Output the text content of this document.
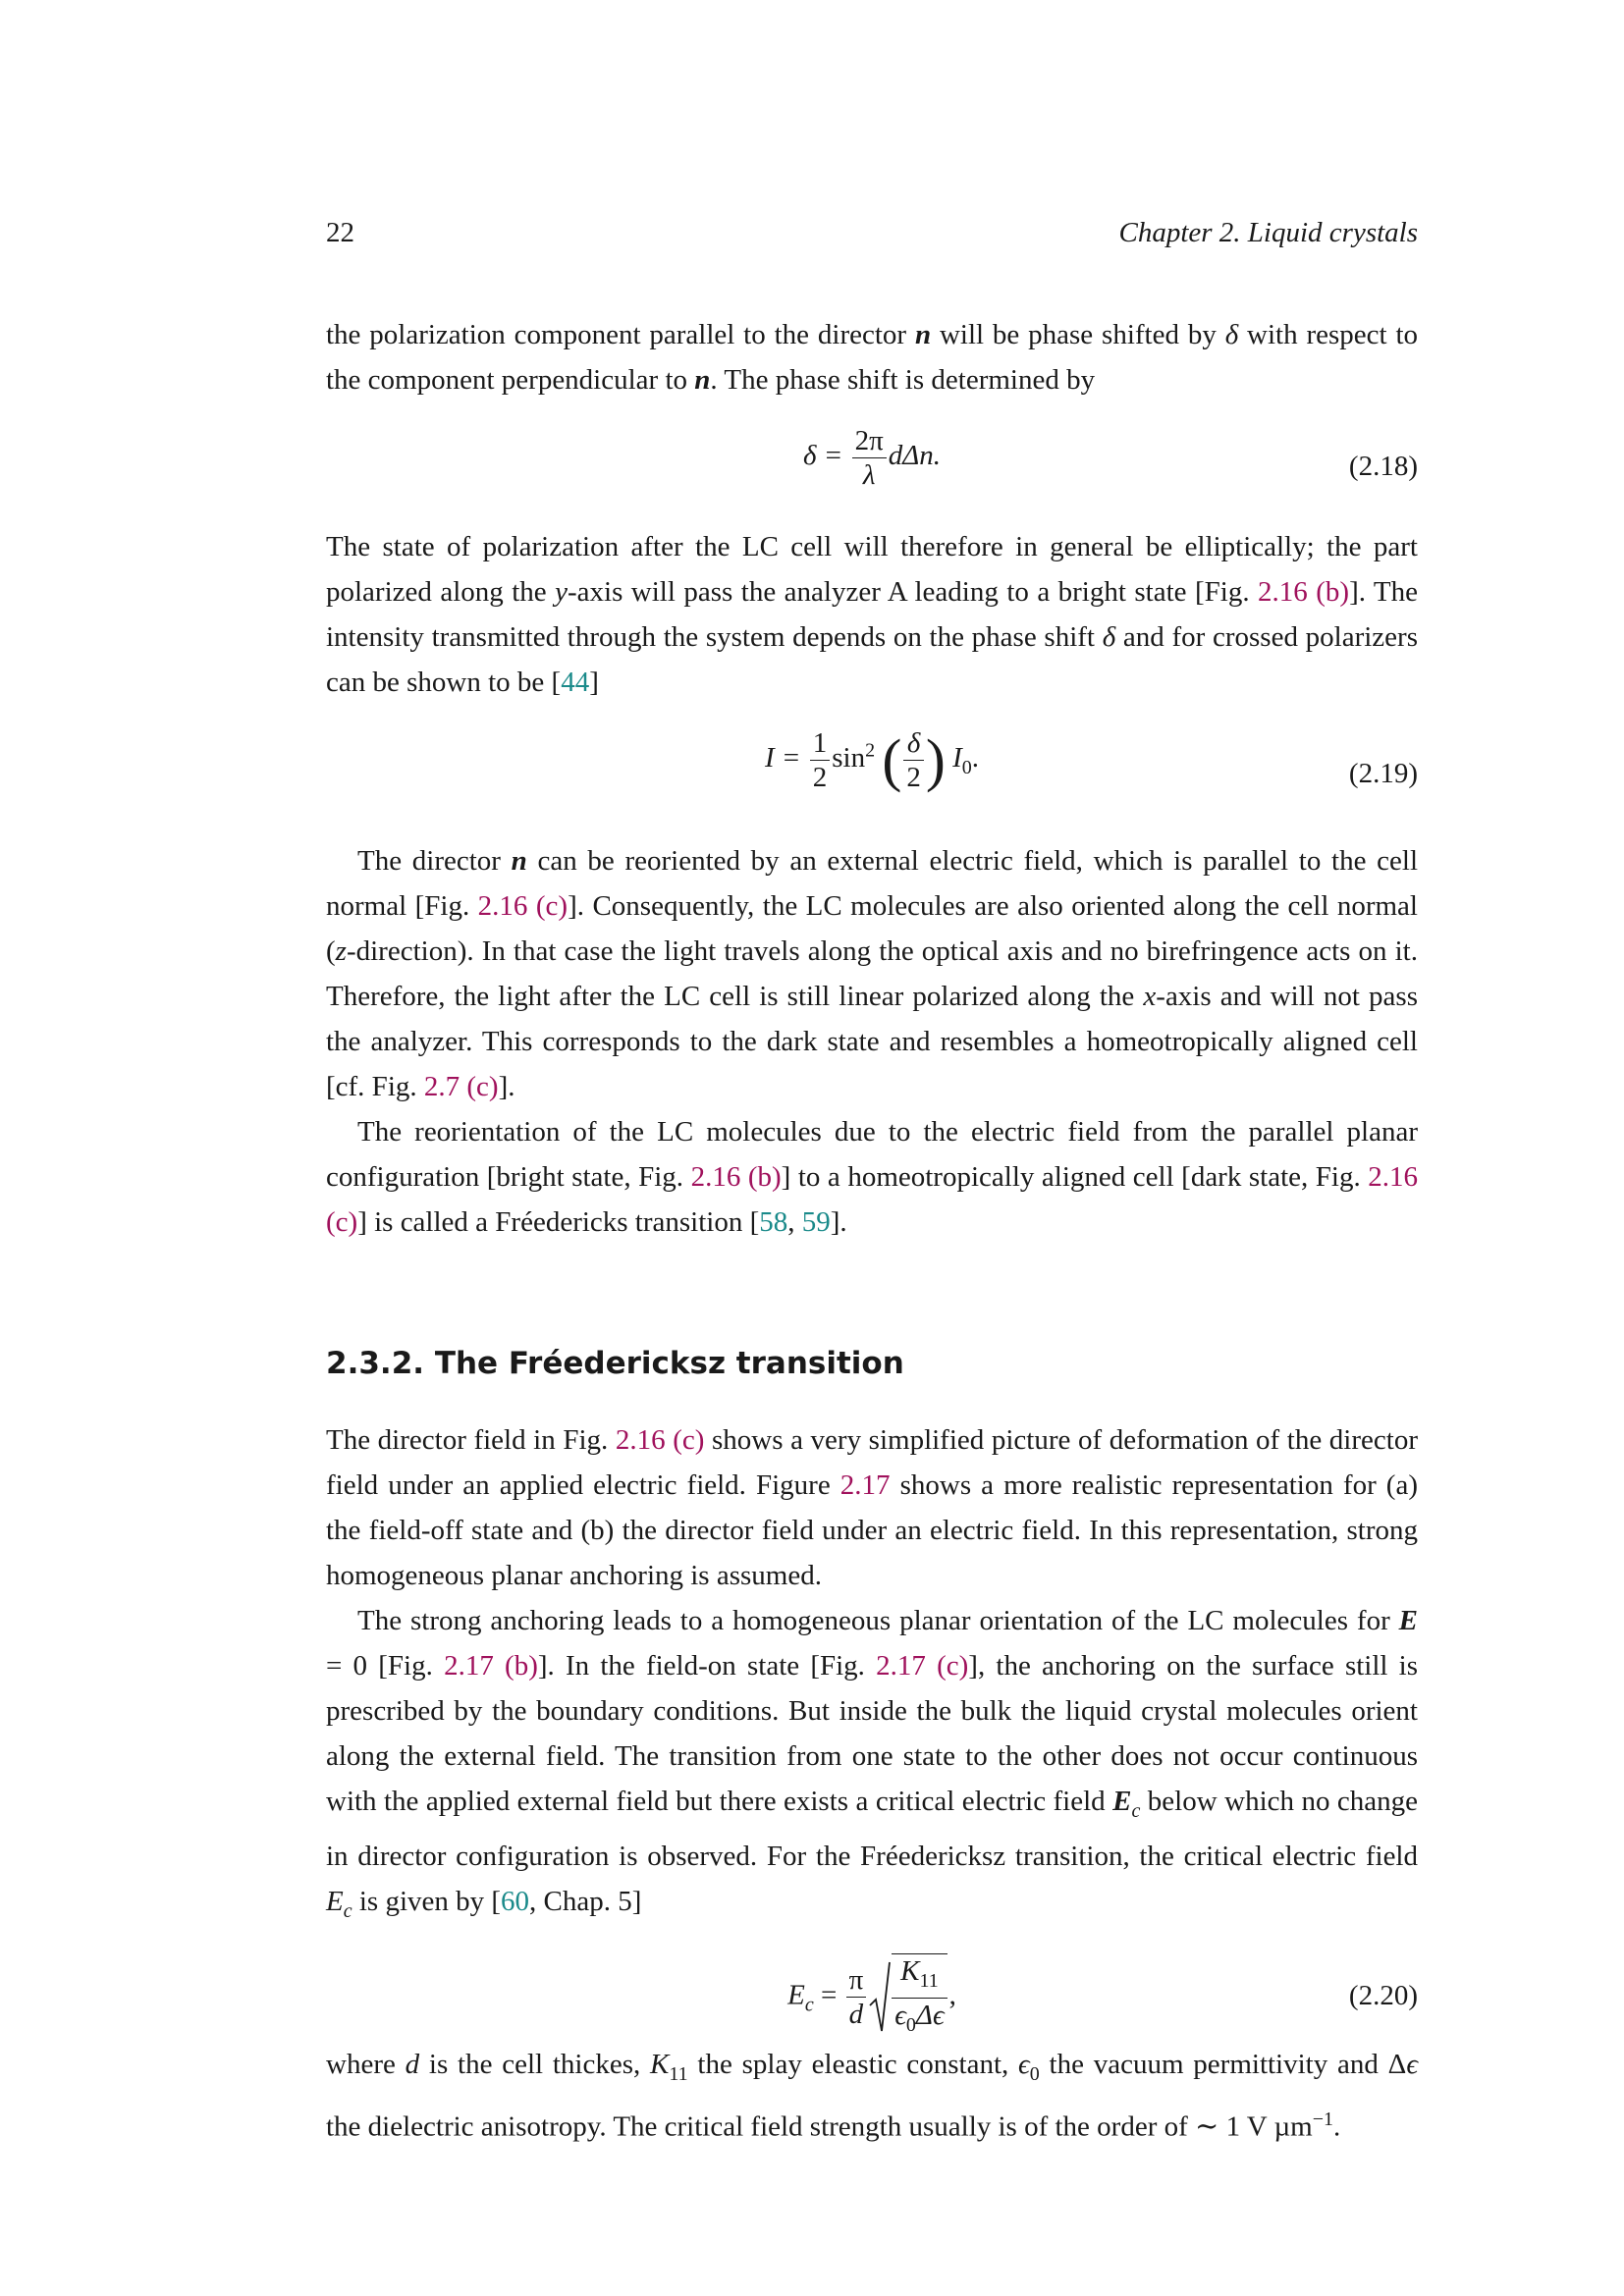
22	Chapter 2. Liquid crystals

the polarization component parallel to the director n will be phase shifted by δ with respect to the component perpendicular to n. The phase shift is determined by

$\delta = \frac{2\pi}{\lambda} d\Delta n$.	(2.18)

The state of polarization after the LC cell will therefore in general be elliptically; the part polarized along the y-axis will pass the analyzer A leading to a bright state [Fig. 2.16 (b)]. The intensity transmitted through the system depends on the phase shift δ and for crossed polarizers can be shown to be [44]

$I = \frac{1}{2} \sin^2$ ( $\frac{\delta}{2}$ ) $I_0$.	(2.19)

The director n can be reoriented by an external electric field, which is parallel to the cell normal [Fig. 2.16 (c)]. Consequently, the LC molecules are also oriented along the cell normal (z-direction). In that case the light travels along the optical axis and no birefringence acts on it. Therefore, the light after the LC cell is still linear polarized along the x-axis and will not pass the analyzer. This corresponds to the dark state and resembles a homeotropically aligned cell [cf. Fig. 2.7 (c)].

The reorientation of the LC molecules due to the electric field from the parallel planar configuration [bright state, Fig. 2.16 (b)] to a homeotropically aligned cell [dark state, Fig. 2.16 (c)] is called a Fréedericks transition [58, 59].

2.3.2. The Fréedericksz transition

The director field in Fig. 2.16 (c) shows a very simplified picture of deformation of the director field under an applied electric field. Figure 2.17 shows a more realistic representation for (a) the field-off state and (b) the director field under an electric field. In this representation, strong homogeneous planar anchoring is assumed.

The strong anchoring leads to a homogeneous planar orientation of the LC molecules for E = 0 [Fig. 2.17 (b)]. In the field-on state [Fig. 2.17 (c)], the anchoring on the surface still is prescribed by the boundary conditions. But inside the bulk the liquid crystal molecules orient along the external field. The transition from one state to the other does not occur continuous with the applied external field but there exists a critical electric field $E_c$ below which no change in director configuration is observed. For the Fréedericksz transition, the critical electric field $E_c$ is given by [60, Chap. 5]

$E_c = \frac{\pi}{d} \frac{K_{11}}{\epsilon_0\Delta\epsilon}$ ,	(2.20)

where d is the cell thickes, $K_{11}$ the splay eleastic constant, $\epsilon_0$ the vacuum permittivity and Δϵ the dielectric anisotropy. The critical field strength usually is of the order of ∼ 1 V µm$^{-1}$.
